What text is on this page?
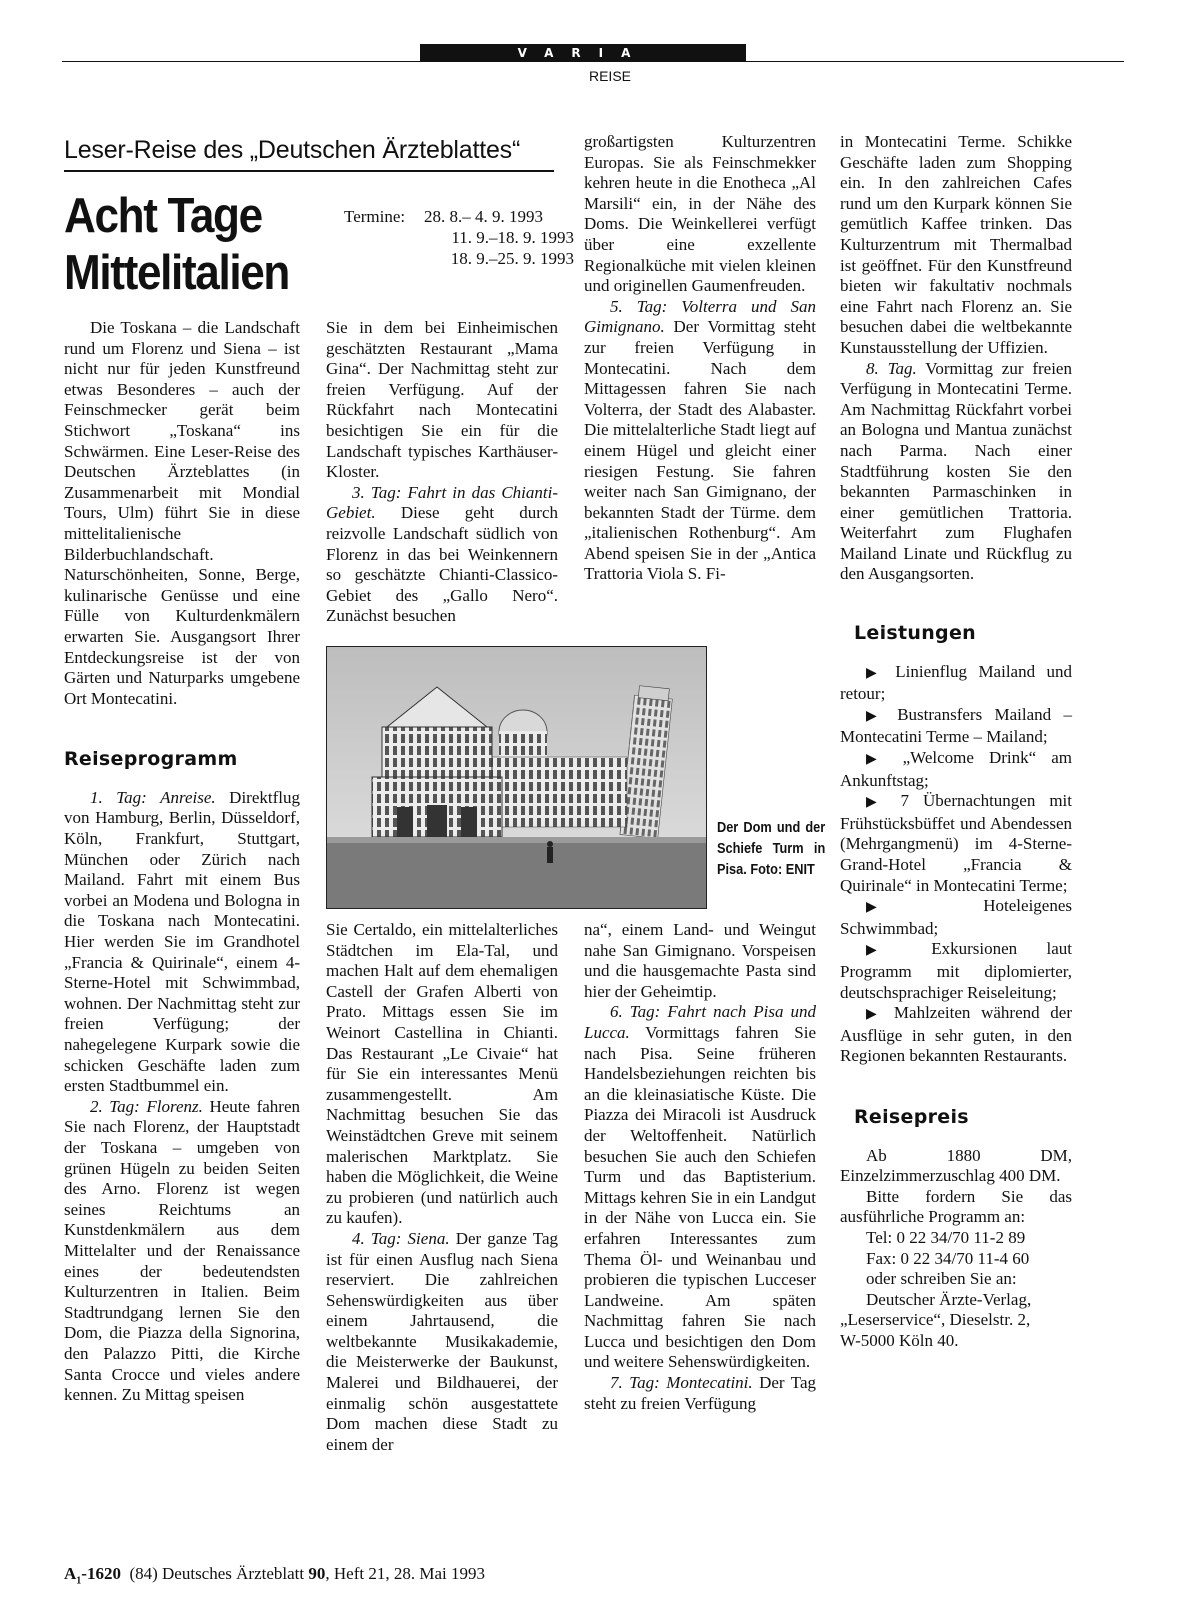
VARIA
REISE
Leser-Reise des „Deutschen Ärzteblattes“
Acht Tage
Mittelitalien
Termine: 28. 8.– 4. 9. 1993
11. 9.–18. 9. 1993
18. 9.–25. 9. 1993

Die Toskana – die Landschaft rund um Florenz und Siena – ist nicht nur für jeden Kunstfreund etwas Besonderes – auch der Feinschmecker gerät beim Stichwort „Toskana“ ins Schwärmen. Eine Leser-Reise des Deutschen Ärzteblattes (in Zusammenarbeit mit Mondial Tours, Ulm) führt Sie in diese mittelitalienische Bilderbuchlandschaft. Naturschönheiten, Sonne, Berge, kulinarische Genüsse und eine Fülle von Kulturdenkmälern erwarten Sie. Ausgangsort Ihrer Entdeckungsreise ist der von Gärten und Naturparks umgebene Ort Montecatini.

Reiseprogramm

1. Tag: Anreise. Direktflug von Hamburg, Berlin, Düsseldorf, Köln, Frankfurt, Stuttgart, München oder Zürich nach Mailand. Fahrt mit einem Bus vorbei an Modena und Bologna in die Toskana nach Montecatini. Hier werden Sie im Grandhotel „Francia & Quirinale“, einem 4-Sterne-Hotel mit Schwimmbad, wohnen. Der Nachmittag steht zur freien Verfügung; der nahegelegene Kurpark sowie die schicken Geschäfte laden zum ersten Stadtbummel ein.

2. Tag: Florenz. Heute fahren Sie nach Florenz, der Hauptstadt der Toskana – umgeben von grünen Hügeln zu beiden Seiten des Arno. Florenz ist wegen seines Reichtums an Kunstdenkmälern aus dem Mittelalter und der Renaissance eines der bedeutendsten Kulturzentren in Italien. Beim Stadtrundgang lernen Sie den Dom, die Piazza della Signorina, den Palazzo Pitti, die Kirche Santa Crocce und vieles andere kennen. Zu Mittag speisen

Sie in dem bei Einheimischen geschätzten Restaurant „Mama Gina“. Der Nachmittag steht zur freien Verfügung. Auf der Rückfahrt nach Montecatini besichtigen Sie ein für die Landschaft typisches Karthäuser-Kloster.

3. Tag: Fahrt in das Chianti-Gebiet. Diese geht durch reizvolle Landschaft südlich von Florenz in das bei Weinkennern so geschätzte Chianti-Classico-Gebiet des „Gallo Nero“. Zunächst besuchen

großartigsten Kulturzentren Europas. Sie als Feinschmekker kehren heute in die Enotheca „Al Marsili“ ein, in der Nähe des Doms. Die Weinkellerei verfügt über eine exzellente Regionalküche mit vielen kleinen und originellen Gaumenfreuden.

5. Tag: Volterra und San Gimignano. Der Vormittag steht zur freien Verfügung in Montecatini. Nach dem Mittagessen fahren Sie nach Volterra, der Stadt des Alabaster. Die mittelalterliche Stadt liegt auf einem Hügel und gleicht einer riesigen Festung. Sie fahren weiter nach San Gimignano, der bekannten Stadt der Türme. dem „italienischen Rothenburg“. Am Abend speisen Sie in der „Antica Trattoria Viola S. Fi-

Der Dom und der Schiefe Turm in Pisa. Foto: ENIT

Sie Certaldo, ein mittelalterliches Städtchen im Ela-Tal, und machen Halt auf dem ehemaligen Castell der Grafen Alberti von Prato. Mittags essen Sie im Weinort Castellina in Chianti. Das Restaurant „Le Civaie“ hat für Sie ein interessantes Menü zusammengestellt. Am Nachmittag besuchen Sie das Weinstädtchen Greve mit seinem malerischen Marktplatz. Sie haben die Möglichkeit, die Weine zu probieren (und natürlich auch zu kaufen).

4. Tag: Siena. Der ganze Tag ist für einen Ausflug nach Siena reserviert. Die zahlreichen Sehenswürdigkeiten aus über einem Jahrtausend, die weltbekannte Musikakademie, die Meisterwerke der Baukunst, Malerei und Bildhauerei, der einmalig schön ausgestattete Dom machen diese Stadt zu einem der

na“, einem Land- und Weingut nahe San Gimignano. Vorspeisen und die hausgemachte Pasta sind hier der Geheimtip.

6. Tag: Fahrt nach Pisa und Lucca. Vormittags fahren Sie nach Pisa. Seine früheren Handelsbeziehungen reichten bis an die kleinasiatische Küste. Die Piazza dei Miracoli ist Ausdruck der Weltoffenheit. Natürlich besuchen Sie auch den Schiefen Turm und das Baptisterium. Mittags kehren Sie in ein Landgut in der Nähe von Lucca ein. Sie erfahren Interessantes zum Thema Öl- und Weinanbau und probieren die typischen Lucceser Landweine. Am späten Nachmittag fahren Sie nach Lucca und besichtigen den Dom und weitere Sehenswürdigkeiten.

7. Tag: Montecatini. Der Tag steht zu freien Verfügung

in Montecatini Terme. Schikke Geschäfte laden zum Shopping ein. In den zahlreichen Cafes rund um den Kurpark können Sie gemütlich Kaffee trinken. Das Kulturzentrum mit Thermalbad ist geöffnet. Für den Kunstfreund bieten wir fakultativ nochmals eine Fahrt nach Florenz an. Sie besuchen dabei die weltbekannte Kunstausstellung der Uffizien.

8. Tag. Vormittag zur freien Verfügung in Montecatini Terme. Am Nachmittag Rückfahrt vorbei an Bologna und Mantua zunächst nach Parma. Nach einer Stadtführung kosten Sie den bekannten Parmaschinken in einer gemütlichen Trattoria. Weiterfahrt zum Flughafen Mailand Linate und Rückflug zu den Ausgangsorten.

Leistungen

▶ Linienflug Mailand und retour;

▶ Bustransfers Mailand – Montecatini Terme – Mailand;

▶ „Welcome Drink“ am Ankunftstag;

▶ 7 Übernachtungen mit Frühstücksbüffet und Abendessen (Mehrgangmenü) im 4-Sterne-Grand-Hotel „Francia & Quirinale“ in Montecatini Terme;

▶	Hoteleigenes Schwimmbad;

▶ Exkursionen laut Programm mit diplomierter, deutschsprachiger Reiseleitung;

▶ Mahlzeiten während der Ausflüge in sehr guten, in den Regionen bekannten Restaurants.

Reisepreis

Ab 1880 DM, Einzelzimmerzuschlag 400 DM.

Bitte fordern Sie das ausführliche Programm an:

Tel: 0 22 34/70 11-2 89

Fax: 0 22 34/70 11-4 60

oder schreiben Sie an:

Deutscher Ärzte-Verlag,

„Leserservice“, Dieselstr. 2,

W-5000 Köln 40.

$A_1-1620$ (84) Deutsches Ärzteblatt 90, Heft 21, 28. Mai 1993
